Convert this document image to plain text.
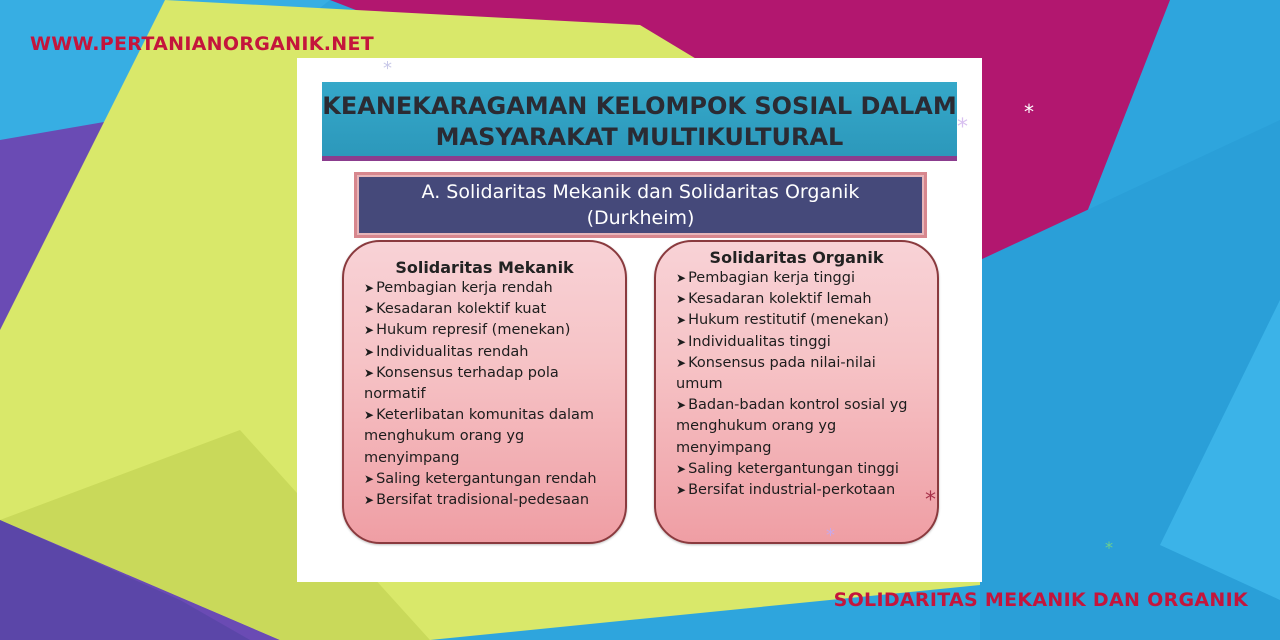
WWW.PERTANIANORGANIK.NET
KEANEKARAGAMAN KELOMPOK SOSIAL DALAM
MASYARAKAT MULTIKULTURAL
A. Solidaritas Mekanik dan Solidaritas Organik
(Durkheim)
Solidaritas Mekanik
➤ Pembagian kerja rendah
➤ Kesadaran kolektif kuat
➤ Hukum represif (menekan)
➤ Individualitas rendah
➤ Konsensus terhadap pola normatif
➤ Keterlibatan komunitas dalam menghukum orang yg menyimpang
➤ Saling ketergantungan rendah
➤ Bersifat tradisional-pedesaan
Solidaritas Organik
➤ Pembagian kerja tinggi
➤ Kesadaran kolektif lemah
➤ Hukum restitutif (menekan)
➤ Individualitas tinggi
➤ Konsensus pada nilai-nilai umum
➤ Badan-badan kontrol sosial yg menghukum orang yg menyimpang
➤ Saling ketergantungan tinggi
➤ Bersifat industrial-perkotaan
*
*
*
*
*
*
SOLIDARITAS MEKANIK DAN ORGANIK
